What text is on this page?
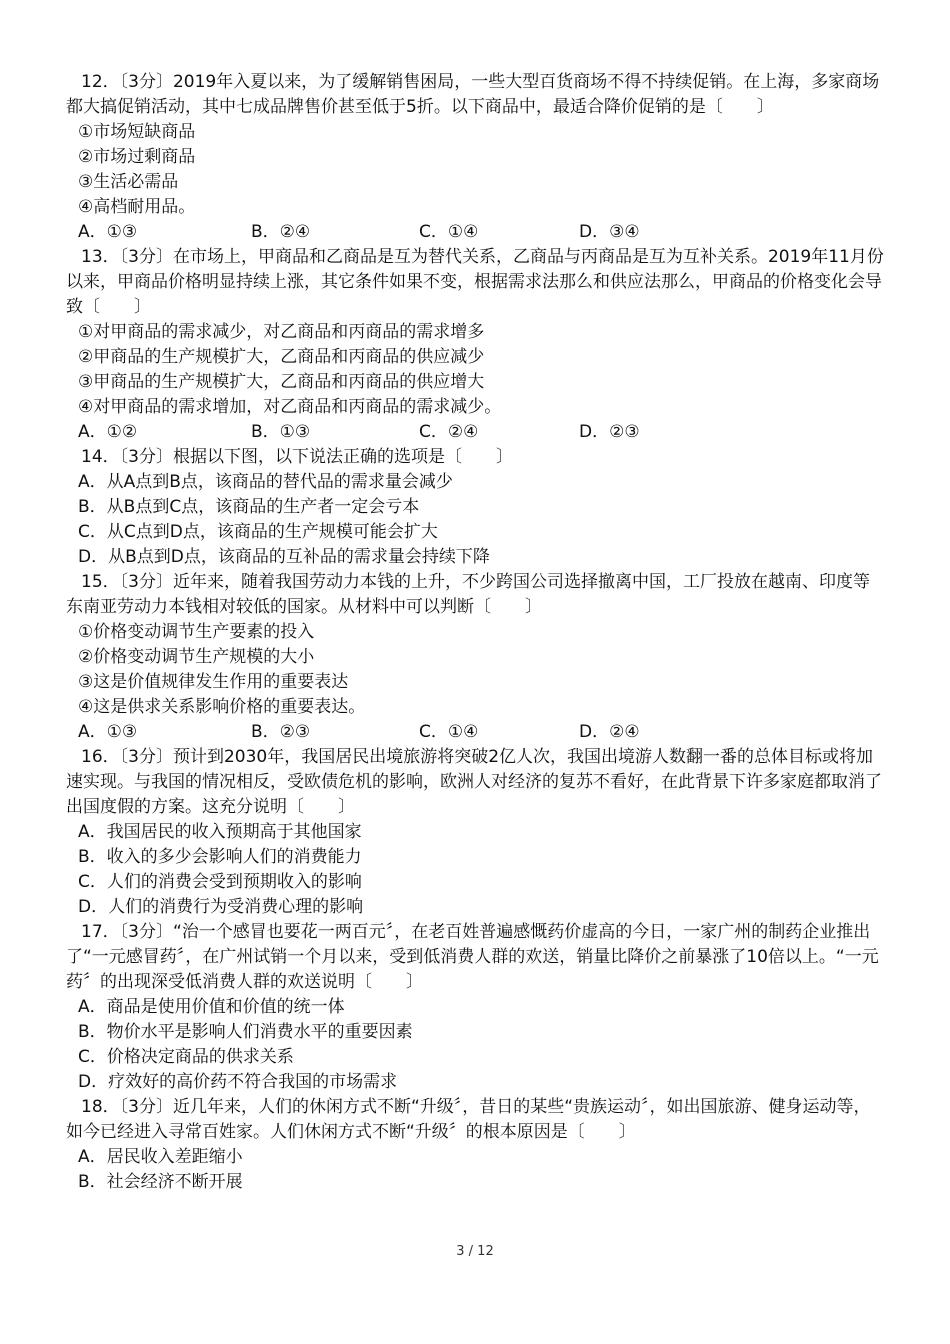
12．〔3分〕2019年入夏以来，为了缓解销售困局，一些大型百货商场不得不持续促销。在上海，多家商场都大搞促销活动，其中七成品牌售价甚至低于5折。以下商品中，最适合降价促销的是〔　　〕

①市场短缺商品

②市场过剩商品

③生活必需品

④高档耐用品。

A．①③	B．②④	C．①④	D．③④

13．〔3分〕在市场上，甲商品和乙商品是互为替代关系，乙商品与丙商品是互为互补关系。2019年11月份以来，甲商品价格明显持续上涨，其它条件如果不变，根据需求法那么和供应法那么，甲商品的价格变化会导致〔　　〕

①对甲商品的需求减少，对乙商品和丙商品的需求增多

②甲商品的生产规模扩大，乙商品和丙商品的供应减少

③甲商品的生产规模扩大，乙商品和丙商品的供应增大

④对甲商品的需求增加，对乙商品和丙商品的需求减少。

A．①②	B．①③	C．②④	D．②③

14．〔3分〕根据以下图，以下说法正确的选项是〔　　〕

A．从A点到B点，该商品的替代品的需求量会减少

B．从B点到C点，该商品的生产者一定会亏本

C．从C点到D点，该商品的生产规模可能会扩大

D．从B点到D点，该商品的互补品的需求量会持续下降

15．〔3分〕近年来，随着我国劳动力本钱的上升，不少跨国公司选择撤离中国，工厂投放在越南、印度等东南亚劳动力本钱相对较低的国家。从材料中可以判断〔　　〕

①价格变动调节生产要素的投入

②价格变动调节生产规模的大小

③这是价值规律发生作用的重要表达

④这是供求关系影响价格的重要表达。

A．①③	B．②③	C．①④	D．②④

16．〔3分〕预计到2030年，我国居民出境旅游将突破2亿人次，我国出境游人数翻一番的总体目标或将加速实现。与我国的情况相反，受欧债危机的影响，欧洲人对经济的复苏不看好，在此背景下许多家庭都取消了出国度假的方案。这充分说明〔　　〕

A．我国居民的收入预期高于其他国家

B．收入的多少会影响人们的消费能力

C．人们的消费会受到预期收入的影响

D．人们的消费行为受消费心理的影响

17．〔3分〕“治一个感冒也要花一两百元〞，在老百姓普遍感慨药价虚高的今日，一家广州的制药企业推出了“一元感冒药〞，在广州试销一个月以来，受到低消费人群的欢送，销量比降价之前暴涨了10倍以上。“一元药〞的出现深受低消费人群的欢送说明〔　　〕

A．商品是使用价值和价值的统一体

B．物价水平是影响人们消费水平的重要因素

C．价格决定商品的供求关系

D．疗效好的高价药不符合我国的市场需求

18．〔3分〕近几年来，人们的休闲方式不断“升级〞，昔日的某些“贵族运动〞，如出国旅游、健身运动等，如今已经进入寻常百姓家。人们休闲方式不断“升级〞的根本原因是〔　　〕

A．居民收入差距缩小

B．社会经济不断开展

3 / 12
